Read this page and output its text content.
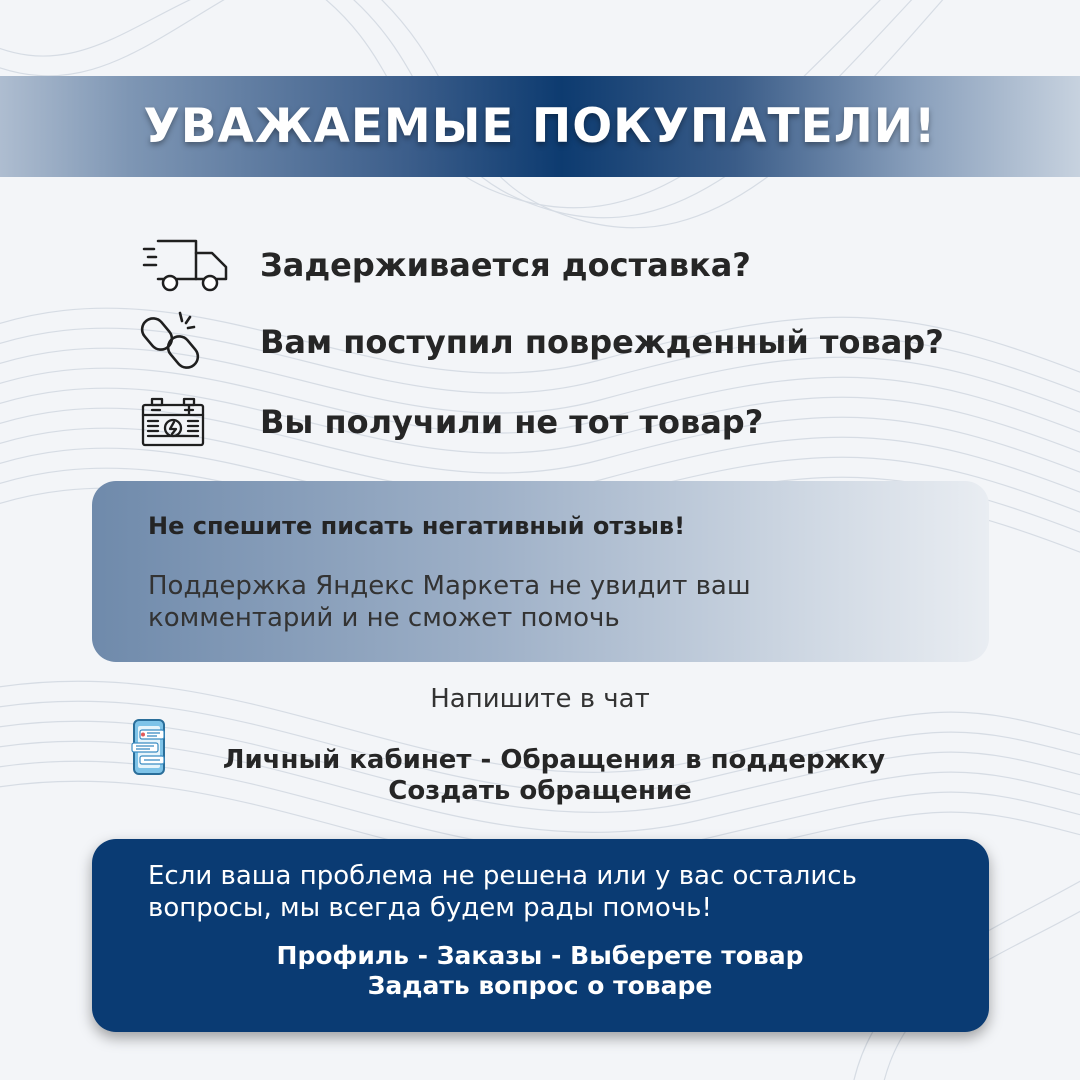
УВАЖАЕМЫЕ ПОКУПАТЕЛИ!
Задерживается доставка?
Вам поступил поврежденный товар?
Вы получили не тот товар?
Не спешите писать негативный отзыв!
Поддержка Яндекс Маркета не увидит ваш
комментарий и не сможет помочь
Напишите в чат
Личный кабинет - Обращения в поддержку
Создать обращение
Если ваша проблема не решена или у вас остались
вопросы, мы всегда будем рады помочь!
Профиль - Заказы - Выберете товар
Задать вопрос о товаре
